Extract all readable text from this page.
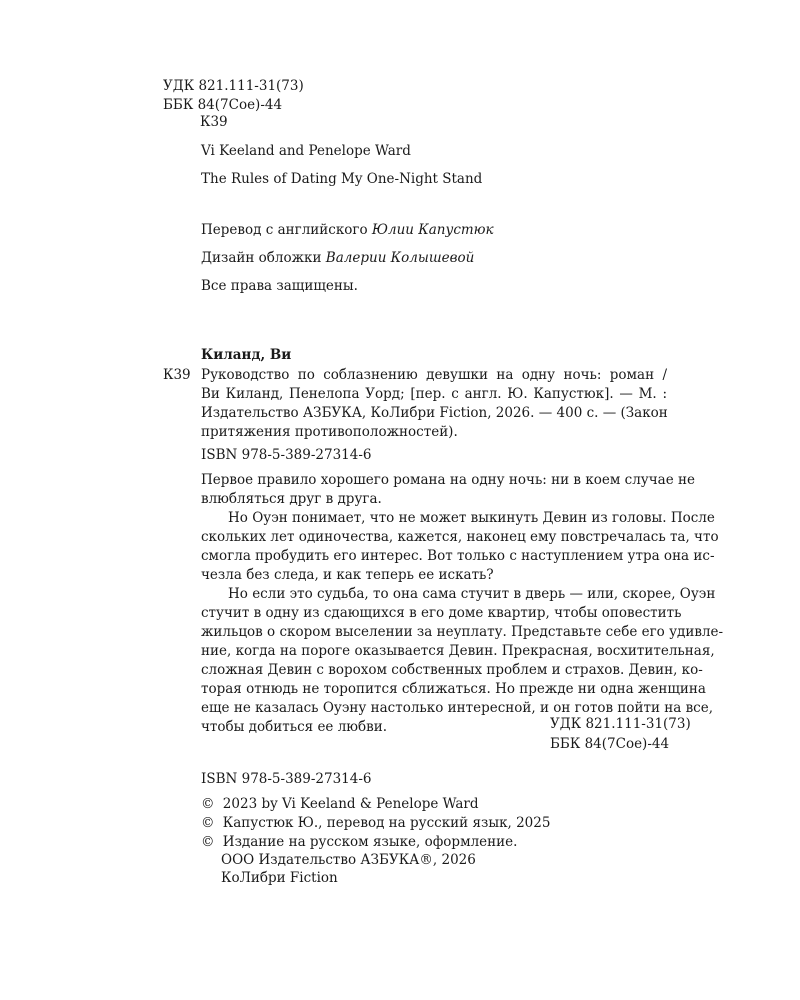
УДК 821.111-31(73)
ББК 84(7Сое)-44
К39
Vi Keeland and Penelope Ward
The Rules of Dating My One-Night Stand
Перевод с английского Юлии Капустюк
Дизайн обложки Валерии Колышевой
Все права защищены.
Киланд, Ви
К39 Руководство по соблазнению девушки на одну ночь: роман /
Ви Киланд, Пенелопа Уорд; [пер. с англ. Ю. Капустюк]. — М. :
Издательство АЗБУКА, КоЛибри Fiction, 2026. — 400 с. — (Закон
притяжения противоположностей).
ISBN 978-5-389-27314-6
Первое правило хорошего романа на одну ночь: ни в коем случае не
влюбляться друг в друга.
Но Оуэн понимает, что не может выкинуть Девин из головы. После
скольких лет одиночества, кажется, наконец ему повстречалась та, что
смогла пробудить его интерес. Вот только с наступлением утра она ис-
чезла без следа, и как теперь ее искать?
Но если это судьба, то она сама стучит в дверь — или, скорее, Оуэн
стучит в одну из сдающихся в его доме квартир, чтобы оповестить
жильцов о скором выселении за неуплату. Представьте себе его удивле-
ние, когда на пороге оказывается Девин. Прекрасная, восхитительная,
сложная Девин с ворохом собственных проблем и страхов. Девин, ко-
торая отнюдь не торопится сближаться. Но прежде ни одна женщина
еще не казалась Оуэну настолько интересной, и он готов пойти на все,
чтобы добиться ее любви.	УДК 821.111-31(73)
ББК 84(7Сое)-44
ISBN 978-5-389-27314-6
© 2023 by Vi Keeland & Penelope Ward
© Капустюк Ю., перевод на русский язык, 2025
© Издание на русском языке, оформление.
ООО Издательство АЗБУКА®, 2026
КоЛибри Fiction
